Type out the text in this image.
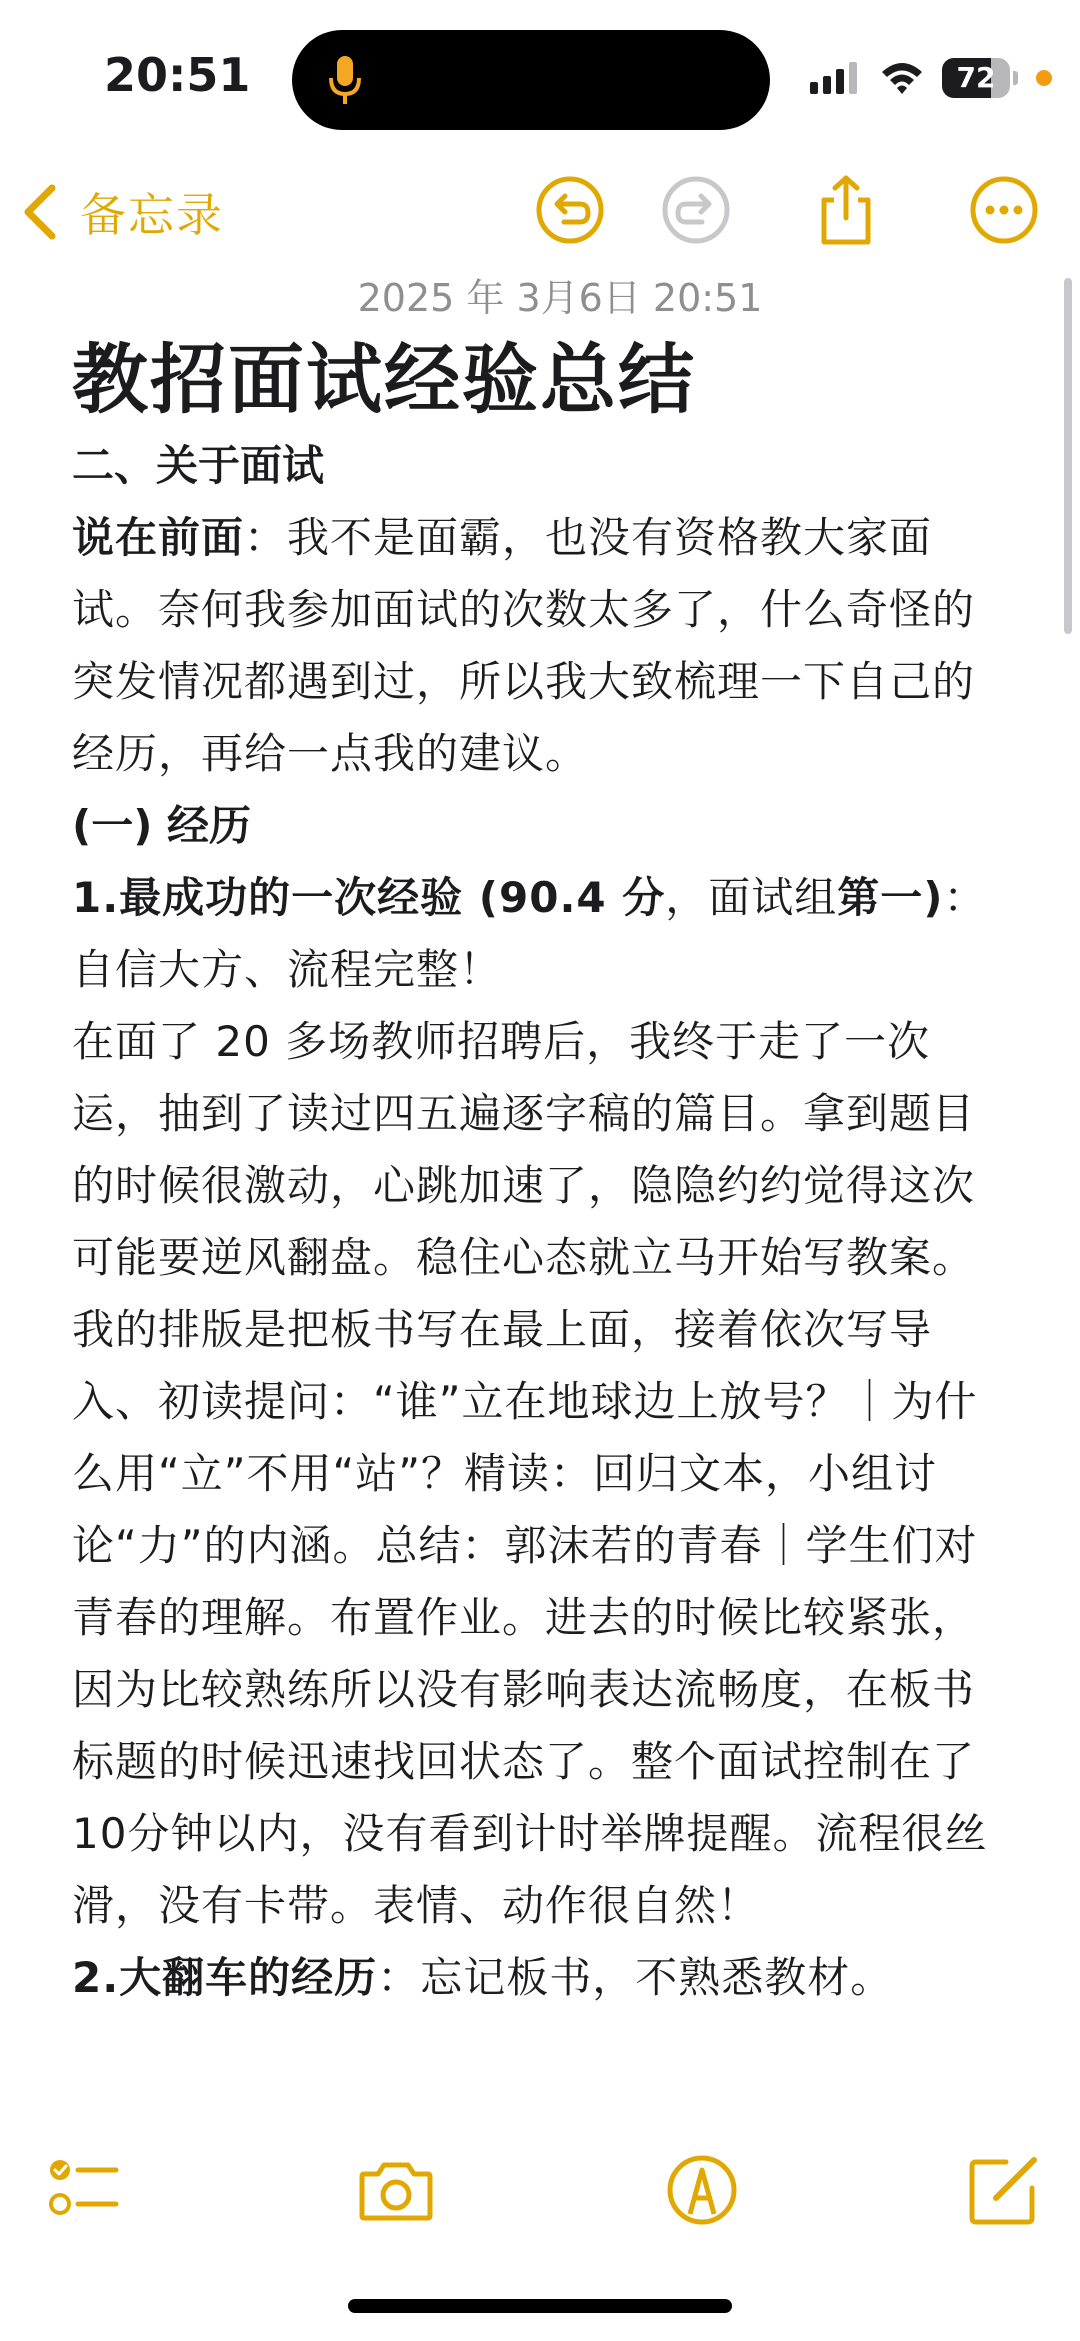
20:51	72
备忘录
2025 年 3月6日 20:51
教招面试经验总结
二、关于面试

说在前面：我不是面霸，也没有资格教大家面试。奈何我参加面试的次数太多了，什么奇怪的突发情况都遇到过，所以我大致梳理一下自己的经历，再给一点我的建议。

(一) 经历

1.最成功的一次经验 (90.4 分，面试组第一)：自信大方、流程完整！

在面了 20 多场教师招聘后，我终于走了一次运，抽到了读过四五遍逐字稿的篇目。拿到题目的时候很激动，心跳加速了，隐隐约约觉得这次可能要逆风翻盘。稳住心态就立马开始写教案。我的排版是把板书写在最上面，接着依次写导入、初读提问：“谁”立在地球边上放号？｜为什么用“立”不用“站”？精读：回归文本，小组讨论“力”的内涵。总结：郭沫若的青春｜学生们对青春的理解。布置作业。进去的时候比较紧张，因为比较熟练所以没有影响表达流畅度，在板书标题的时候迅速找回状态了。整个面试控制在了10分钟以内，没有看到计时举牌提醒。流程很丝滑，没有卡带。表情、动作很自然！

2.大翻车的经历：忘记板书，不熟悉教材。
